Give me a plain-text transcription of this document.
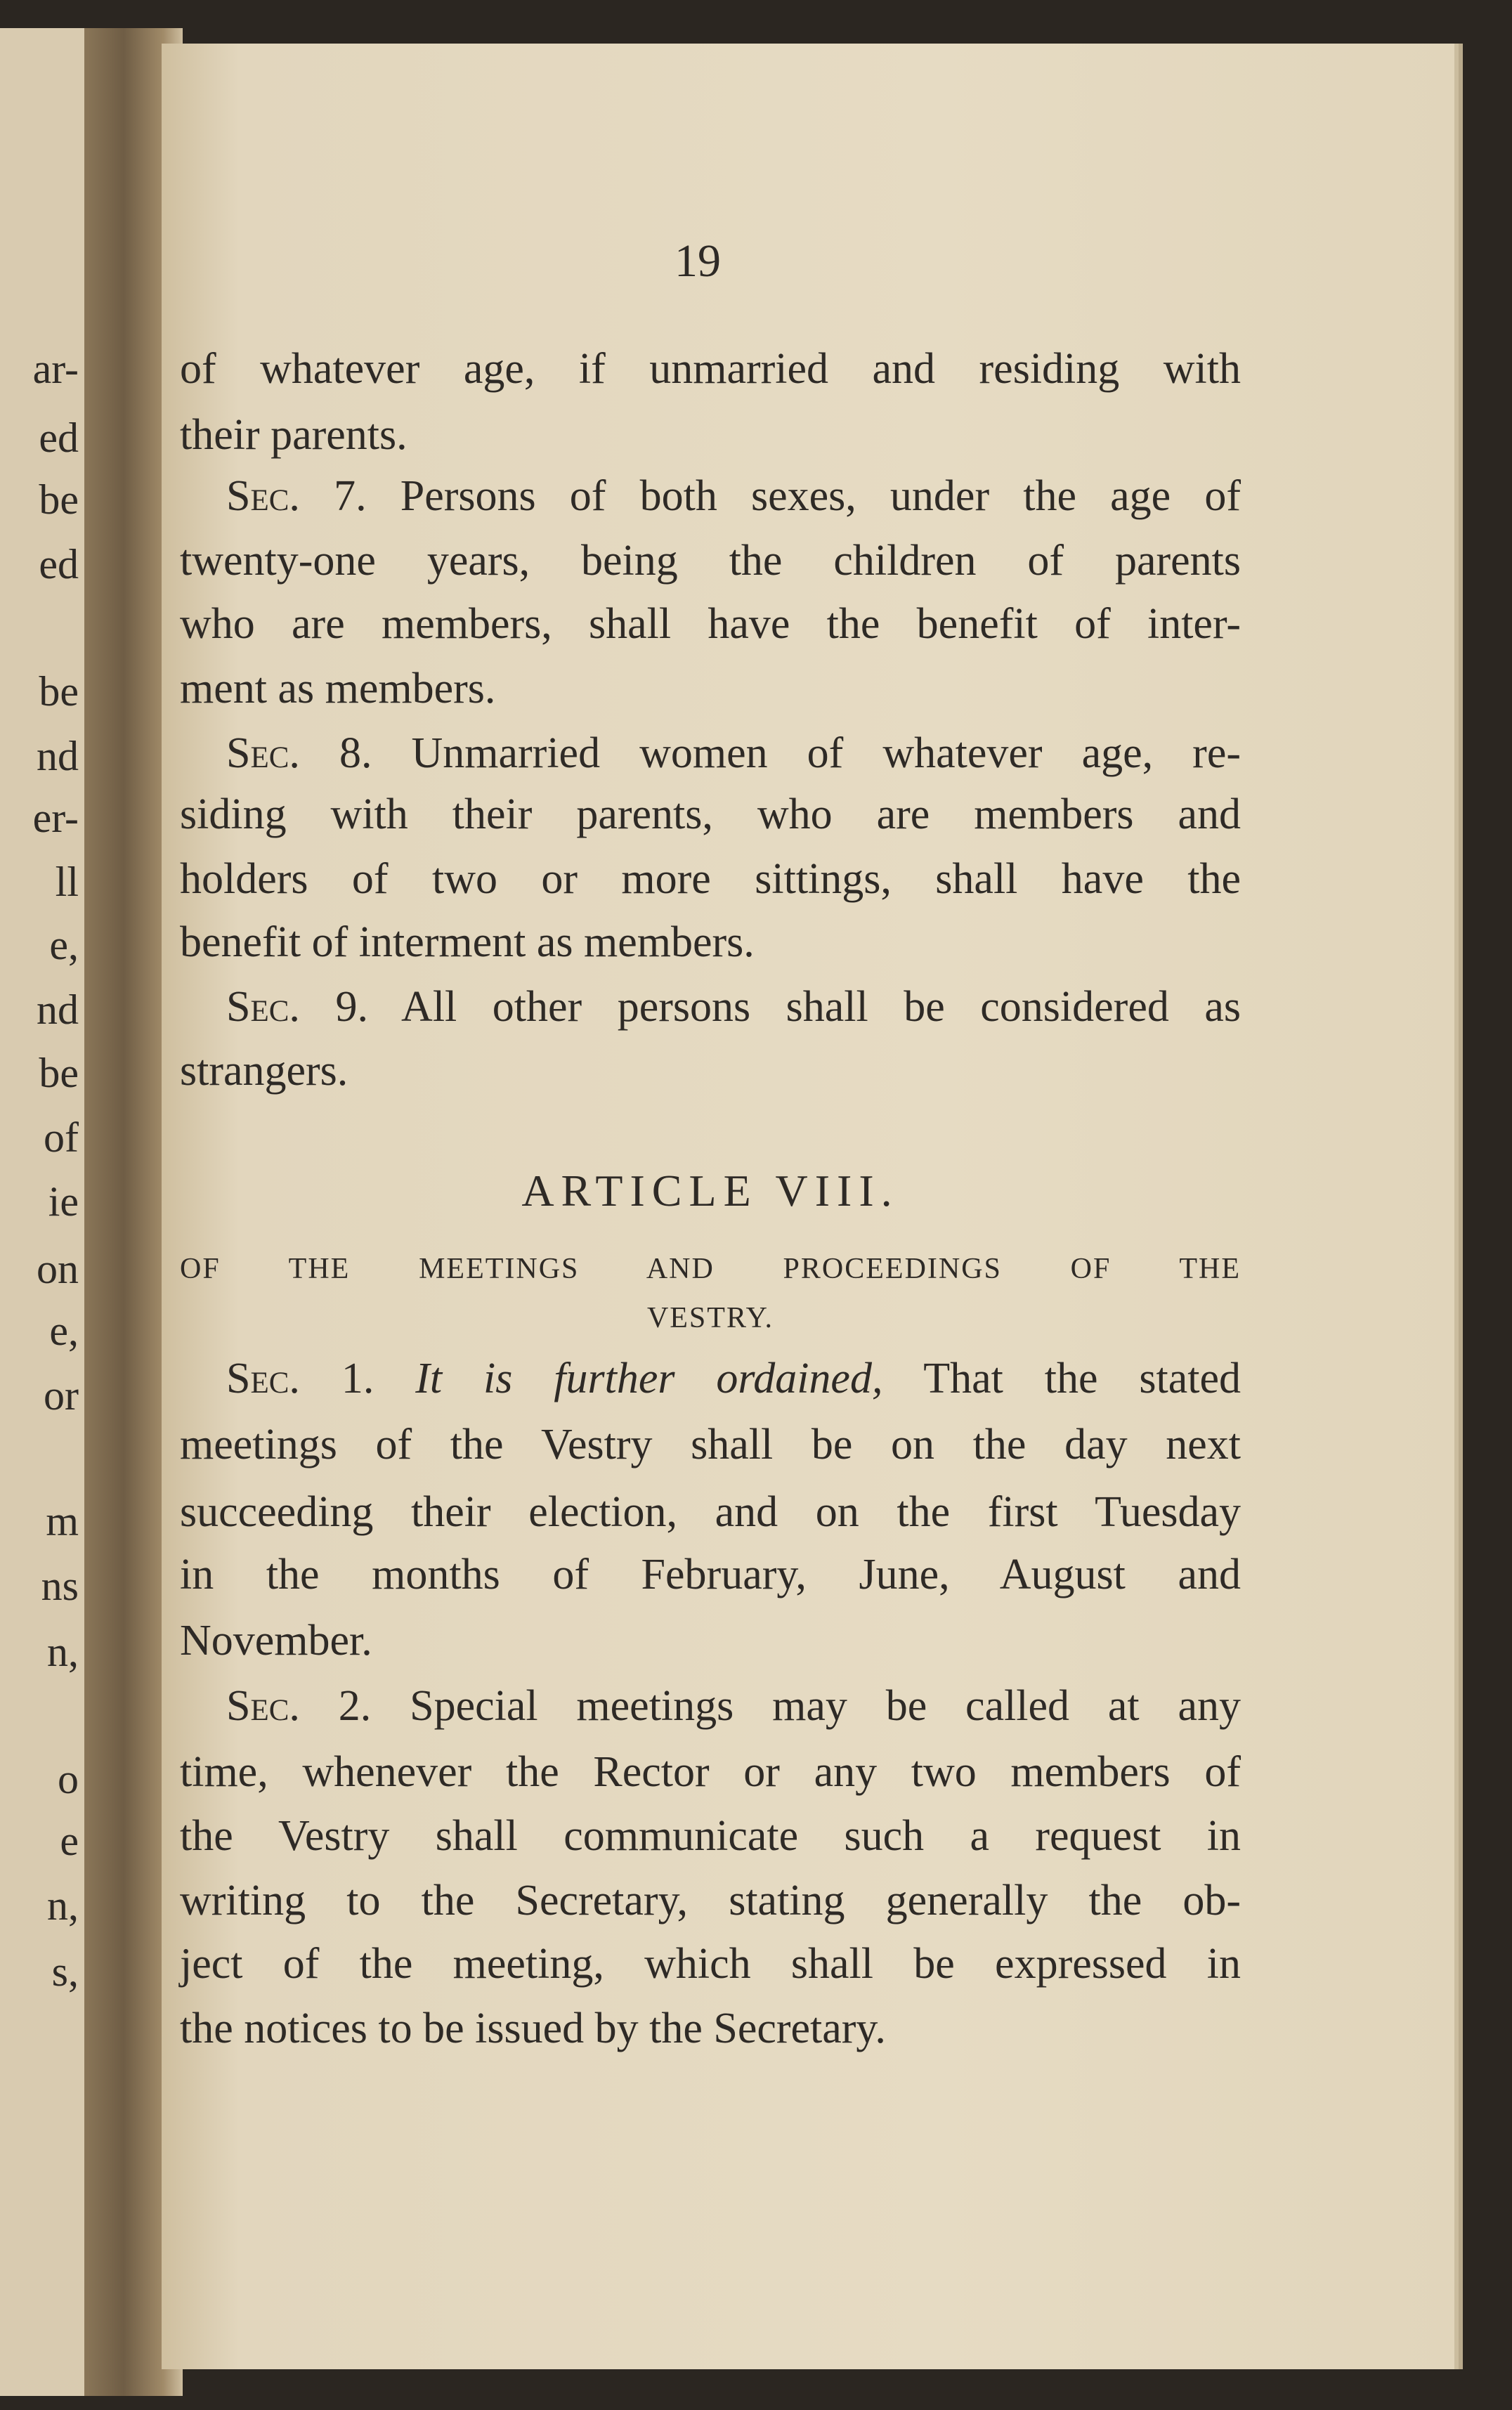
ar-
ed
be
ed
be
nd
er-
ll
e,
nd
be
of
ie
on
e,
or
m
ns
n,
o
e
n,
s,
19
of whatever age, if unmarried and residing with
their parents.
Sec. 7. Persons of both sexes, under the age of
twenty-one years, being the children of parents
who are members, shall have the benefit of inter-
ment as members.
Sec. 8. Unmarried women of whatever age, re-
siding with their parents, who are members and
holders of two or more sittings, shall have the
benefit of interment as members.
Sec. 9. All other persons shall be considered as
strangers.
Sec. 1. It is further ordained, That the stated
meetings of the Vestry shall be on the day next
succeeding their election, and on the first Tuesday
in the months of February, June, August and
November.
Sec. 2. Special meetings may be called at any
time, whenever the Rector or any two members of
the Vestry shall communicate such a request in
writing to the Secretary, stating generally the ob-
ject of the meeting, which shall be expressed in
the notices to be issued by the Secretary.
ARTICLE VIII.
OF THE MEETINGS AND PROCEEDINGS OF THE
VESTRY.
